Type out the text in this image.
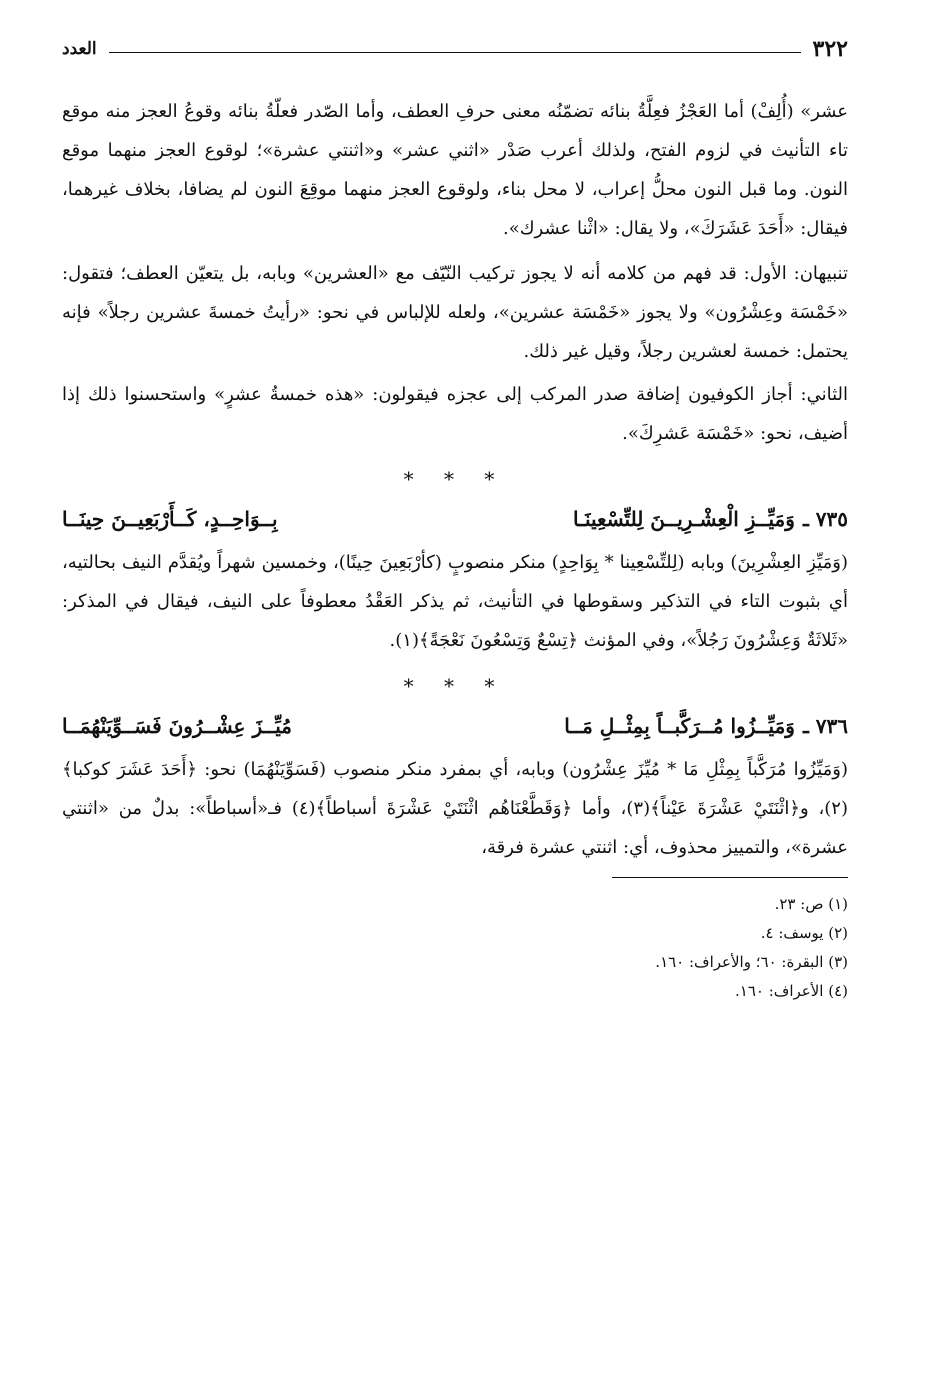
٣٢٢
العدد

عشر» (أُلِفْ) أما العَجْزُ فعِلَّةُ بنائه تضمّنُه معنى حرفِ العطف، وأما الصّدر فعلّةُ بنائه وقوعُ العجز منه موقع تاء التأنيث في لزوم الفتح، ولذلك أعرب صَدْر «اثني عشر» و«اثنتي عشرة»؛ لوقوع العجز منهما موقع النون. وما قبل النون محلُّ إعراب، لا محل بناء، ولوقوع العجز منهما موقِعَ النون لم يضافا، بخلاف غيرهما، فيقال: «أَحَدَ عَشَرَكَ»، ولا يقال: «اثْنا عشرك».

تنبيهان: الأول: قد فهم من كلامه أنه لا يجوز تركيب النّيّف مع «العشرين» وبابه، بل يتعيّن العطف؛ فتقول: «خَمْسَة وعِشْرُون» ولا يجوز «خَمْسَة عشرين»، ولعله للإلباس في نحو: «رأيتُ خمسةَ عشرين رجلاً» فإنه يحتمل: خمسة لعشرين رجلاً، وقيل غير ذلك.

الثاني: أجاز الكوفيون إضافة صدر المركب إلى عجزه فيقولون: «هذه خمسةُ عشرٍ» واستحسنوا ذلك إذا أضيف، نحو: «خَمْسَة عَشرِكَ».

* * *
٧٣٥ ـ
وَمَيِّــزِ الْعِشْـرِيــنَ لِلتِّسْعِينَـا
بِــوَاحِــدٍ، كَــأَرْبَعِيــنَ حِينَــا

(وَمَيِّزِ العِشْرِينَ) وبابه (لِلتِّسْعِينا * بِوَاحِدٍ) منكر منصوبٍ (كأرْبَعِينَ حِينًا)، وخمسين شهراً ويُقدَّم النيف بحالتيه، أي بثبوت التاء في التذكير وسقوطها في التأنيث، ثم يذكر العَقْدُ معطوفاً على النيف، فيقال في المذكر: «ثَلاثَةٌ وَعِشْرُونَ رَجُلاً»، وفي المؤنث ﴿تِسْعٌ وَتِسْعُونَ نَعْجَةً﴾(١).

* * *
٧٣٦ ـ
وَمَيِّــزُوا مُــرَكَّبــاً بِمِثْــلِ مَــا
مُيِّــزَ عِشْــرُونَ فَسَــوِّيَنْهُمَــا

(وَمَيِّزُوا مُرَكَّباً بِمِثْلِ مَا * مُيِّزَ عِشْرُون) وبابه، أي بمفرد منكر منصوب (فَسَوِّيَنْهُمَا) نحو: ﴿أَحَدَ عَشَرَ كوكبا﴾(٢)، و﴿اثْنَتَيْ عَشْرَةَ عَيْناً﴾(٣)، وأما ﴿وَقَطَّعْنَاهُم اثْنَتَيْ عَشْرَةَ أسباطاً﴾(٤) فـ«أسباطاً»: بدلٌ من «اثنتي عشرة»، والتمييز محذوف، أي: اثنتي عشرة فرقة،

(١) ص: ٢٣.

(٢) يوسف: ٤.

(٣) البقرة: ٦٠؛ والأعراف: ١٦٠.

(٤) الأعراف: ١٦٠.
